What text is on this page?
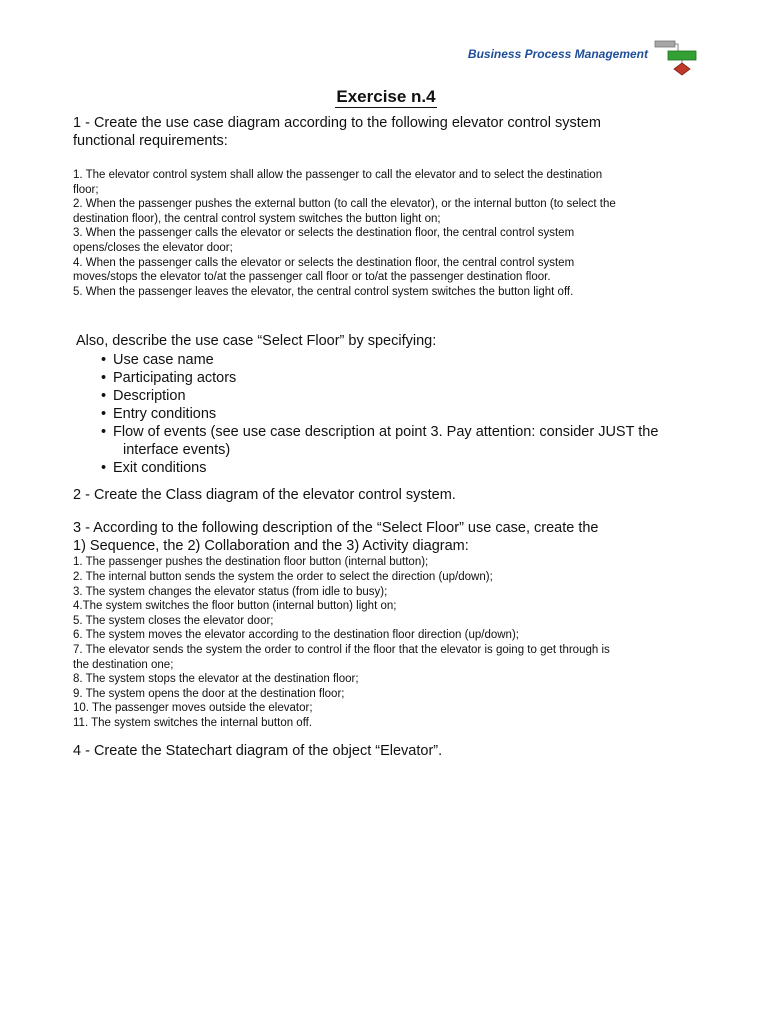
Business Process Management
Exercise n.4

1 - Create the use case diagram according to the following elevator control system

functional requirements:

1. The elevator control system shall allow the passenger to call the elevator and to select the destination

floor;

2. When the passenger pushes the external button (to call the elevator), or the internal button (to select the

destination floor), the central control system switches the button light on;

3. When the passenger calls the elevator or selects the destination floor, the central control system

opens/closes the elevator door;

4. When the passenger calls the elevator or selects the destination floor, the central control system

moves/stops the elevator to/at the passenger call floor or to/at the passenger destination floor.

5. When the passenger leaves the elevator, the central control system switches the button light off.

Also, describe the use case “Select Floor” by specifying:

• Use case name
• Participating actors
• Description
• Entry conditions
• Flow of events (see use case description at point 3. Pay attention: consider JUST the
interface events)
• Exit conditions

2 - Create the Class diagram of the elevator control system.

3 - According to the following description of the “Select Floor” use case, create the

1) Sequence, the 2) Collaboration and the 3) Activity diagram:

1. The passenger pushes the destination floor button (internal button);

2. The internal button sends the system the order to select the direction (up/down);

3. The system changes the elevator status (from idle to busy);

4.The system switches the floor button (internal button) light on;

5. The system closes the elevator door;

6. The system moves the elevator according to the destination floor direction (up/down);

7. The elevator sends the system the order to control if the floor that the elevator is going to get through is

the destination one;

8. The system stops the elevator at the destination floor;

9. The system opens the door at the destination floor;

10. The passenger moves outside the elevator;

11. The system switches the internal button off.

4 - Create the Statechart diagram of the object “Elevator”.
